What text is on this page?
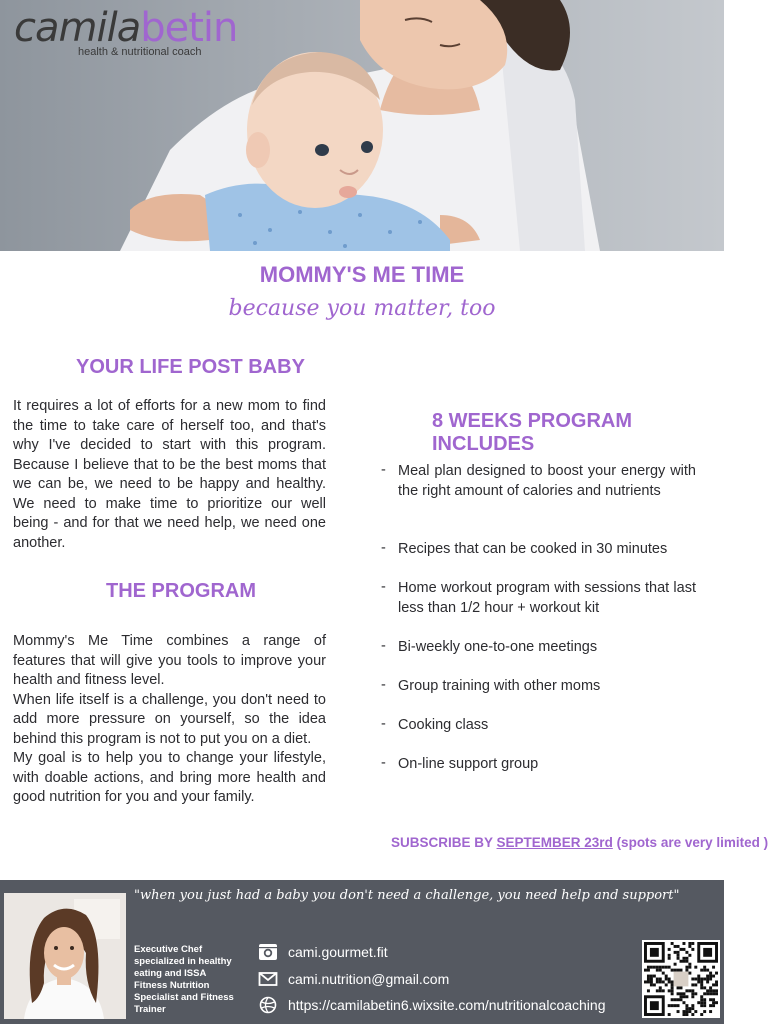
camilabetin
health & nutritional coach
MOMMY'S ME TIME
because you matter, too
YOUR LIFE POST BABY

It requires a lot of efforts for a new mom to find the time to take care of herself too, and that's why I've decided to start with this program. Because I believe that to be the best moms that we can be, we need to be happy and healthy. We need to make time to prioritize our well being - and for that we need help, we need one another.

THE PROGRAM

Mommy's Me Time combines a range of features that will give you tools to improve your health and fitness level.

When life itself is a challenge, you don't need to add more pressure on yourself, so the idea behind this program is not to put you on a diet.

My goal is to help you to change your lifestyle, with doable actions, and bring more health and good nutrition for you and your family.

8 WEEKS PROGRAM INCLUDES
- Meal plan designed to boost your energy with the right amount of calories and nutrients
- Recipes that can be cooked in 30 minutes
- Home workout program with sessions that last less than 1/2 hour + workout kit
- Bi-weekly one-to-one meetings
- Group training with other moms
- Cooking class
- On-line support group
SUBSCRIBE BY SEPTEMBER 23rd (spots are very limited )
"when you just had a baby you don't need a challenge, you need help and support"
Executive Chef specialized in healthy eating and ISSA Fitness Nutrition Specialist and Fitness Trainer
cami.gourmet.fit
cami.nutrition@gmail.com
https://camilabetin6.wixsite.com/nutritionalcoaching
